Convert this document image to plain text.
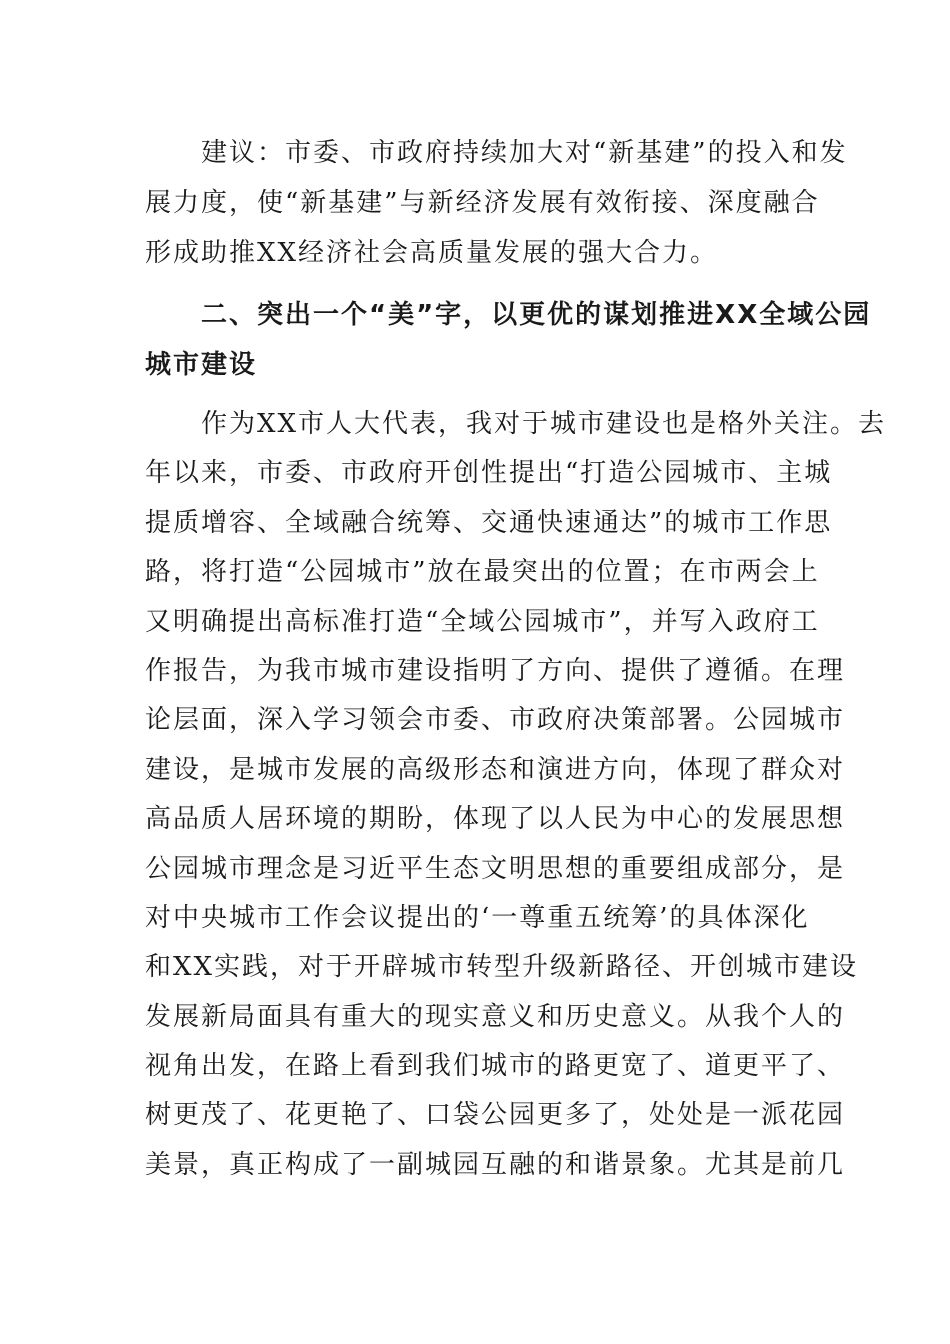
　　建议：市委、市政府持续加大对“新基建”的投入和发
展力度，使“新基建”与新经济发展有效衔接、深度融合
形成助推XX经济社会高质量发展的强大合力。
　　二、突出一个“美”字，以更优的谋划推进XX全域公园
城市建设
　　作为XX市人大代表，我对于城市建设也是格外关注。去
年以来，市委、市政府开创性提出“打造公园城市、主城
提质增容、全域融合统筹、交通快速通达”的城市工作思
路，将打造“公园城市”放在最突出的位置；在市两会上
又明确提出高标准打造“全域公园城市”，并写入政府工
作报告，为我市城市建设指明了方向、提供了遵循。在理
论层面，深入学习领会市委、市政府决策部署。公园城市
建设，是城市发展的高级形态和演进方向，体现了群众对
高品质人居环境的期盼，体现了以人民为中心的发展思想
公园城市理念是习近平生态文明思想的重要组成部分，是
对中央城市工作会议提出的‘一尊重五统筹’的具体深化
和XX实践，对于开辟城市转型升级新路径、开创城市建设
发展新局面具有重大的现实意义和历史意义。从我个人的
视角出发，在路上看到我们城市的路更宽了、道更平了、
树更茂了、花更艳了、口袋公园更多了，处处是一派花园
美景，真正构成了一副城园互融的和谐景象。尤其是前几
